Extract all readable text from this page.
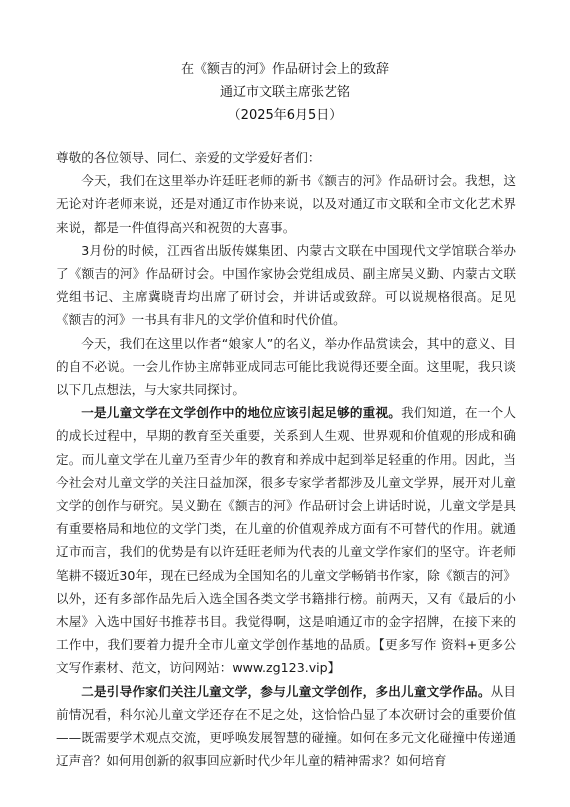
在《额吉的河》作品研讨会上的致辞
通辽市文联主席张艺铭
（2025年6月5日）

尊敬的各位领导、同仁、亲爱的文学爱好者们：

今天，我们在这里举办许廷旺老师的新书《额吉的河》作品研讨会。我想，这无论对许老师来说，还是对通辽市作协来说，以及对通辽市文联和全市文化艺术界来说，都是一件值得高兴和祝贺的大喜事。

3月份的时候，江西省出版传媒集团、内蒙古文联在中国现代文学馆联合举办了《额吉的河》作品研讨会。中国作家协会党组成员、副主席吴义勤、内蒙古文联党组书记、主席冀晓青均出席了研讨会，并讲话或致辞。可以说规格很高。足见《额吉的河》一书具有非凡的文学价值和时代价值。

今天，我们在这里以作者“娘家人”的名义，举办作品赏读会，其中的意义、目的自不必说。一会儿作协主席韩亚成同志可能比我说得还要全面。这里呢，我只谈以下几点想法，与大家共同探讨。

一是儿童文学在文学创作中的地位应该引起足够的重视。我们知道，在一个人的成长过程中，早期的教育至关重要，关系到人生观、世界观和价值观的形成和确定。而儿童文学在儿童乃至青少年的教育和养成中起到举足轻重的作用。因此，当今社会对儿童文学的关注日益加深，很多专家学者都涉及儿童文学界，展开对儿童文学的创作与研究。吴义勤在《额吉的河》作品研讨会上讲话时说，儿童文学是具有重要格局和地位的文学门类，在儿童的价值观养成方面有不可替代的作用。就通辽市而言，我们的优势是有以许廷旺老师为代表的儿童文学作家们的坚守。许老师笔耕不辍近30年，现在已经成为全国知名的儿童文学畅销书作家，除《额吉的河》以外，还有多部作品先后入选全国各类文学书籍排行榜。前两天，又有《最后的小木屋》入选中国好书推荐书目。我觉得啊，这是咱通辽市的金字招牌，在接下来的工作中，我们要着力提升全市儿童文学创作基地的品质。【更多写作 资料+更多公文写作素材、范文，访问网站：www.zg123.vip】

二是引导作家们关注儿童文学，参与儿童文学创作，多出儿童文学作品。从目前情况看，科尔沁儿童文学还存在不足之处，这恰恰凸显了本次研讨会的重要价值——既需要学术观点交流，更呼唤发展智慧的碰撞。如何在多元文化碰撞中传递通辽声音？如何用创新的叙事回应新时代少年儿童的精神需求？如何培育
